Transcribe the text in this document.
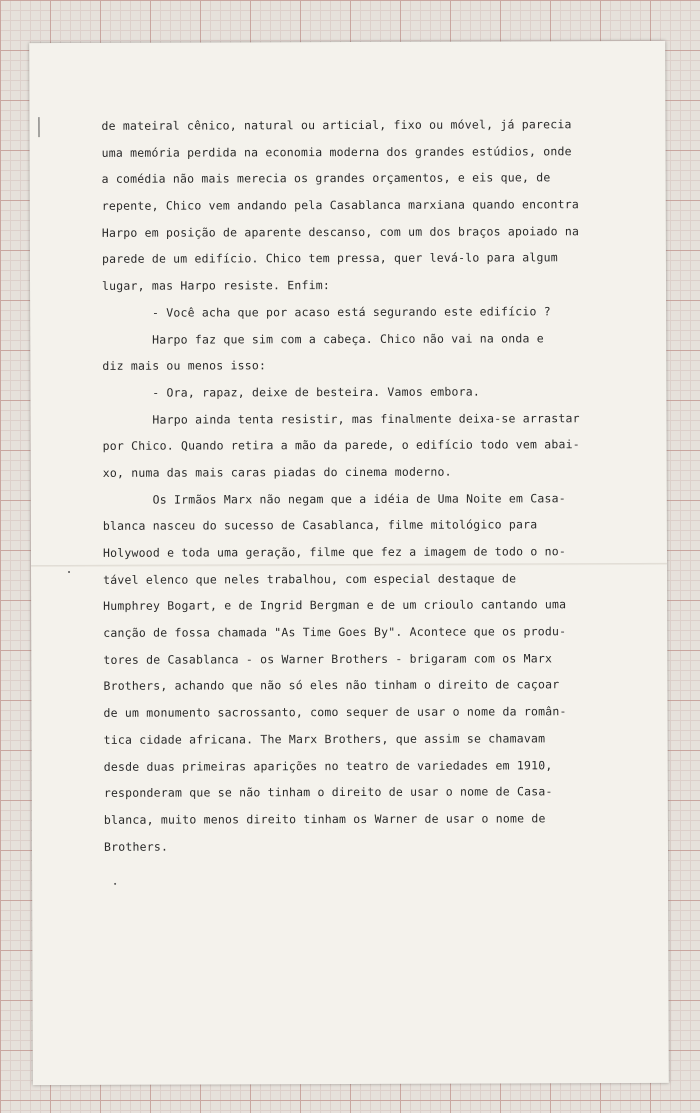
de mateiral cênico, natural ou articial, fixo ou móvel, já parecia
uma memória perdida na economia moderna dos grandes estúdios, onde
a comédia não mais merecia os grandes orçamentos, e eis que, de
repente, Chico vem andando pela Casablanca marxiana quando encontra
Harpo em posição de aparente descanso, com um dos braços apoiado na
parede de um edifício. Chico tem pressa, quer levá-lo para algum
lugar, mas Harpo resiste. Enfim:
- Você acha que por acaso está segurando este edifício ?
Harpo faz que sim com a cabeça. Chico não vai na onda e
diz mais ou menos isso:
- Ora, rapaz, deixe de besteira. Vamos embora.
Harpo ainda tenta resistir, mas finalmente deixa-se arrastar
por Chico. Quando retira a mão da parede, o edifício todo vem abai-
xo, numa das mais caras piadas do cinema moderno.
Os Irmãos Marx não negam que a idéia de Uma Noite em Casa-
blanca nasceu do sucesso de Casablanca, filme mitológico para
Holywood e toda uma geração, filme que fez a imagem de todo o no-
tável elenco que neles trabalhou, com especial destaque de
Humphrey Bogart, e de Ingrid Bergman e de um crioulo cantando uma
canção de fossa chamada "As Time Goes By". Acontece que os produ-
tores de Casablanca - os Warner Brothers - brigaram com os Marx
Brothers, achando que não só eles não tinham o direito de caçoar
de um monumento sacrossanto, como sequer de usar o nome da român-
tica cidade africana. The Marx Brothers, que assim se chamavam
desde duas primeiras aparições no teatro de variedades em 1910,
responderam que se não tinham o direito de usar o nome de Casa-
blanca, muito menos direito tinham os Warner de usar o nome de
Brothers.
